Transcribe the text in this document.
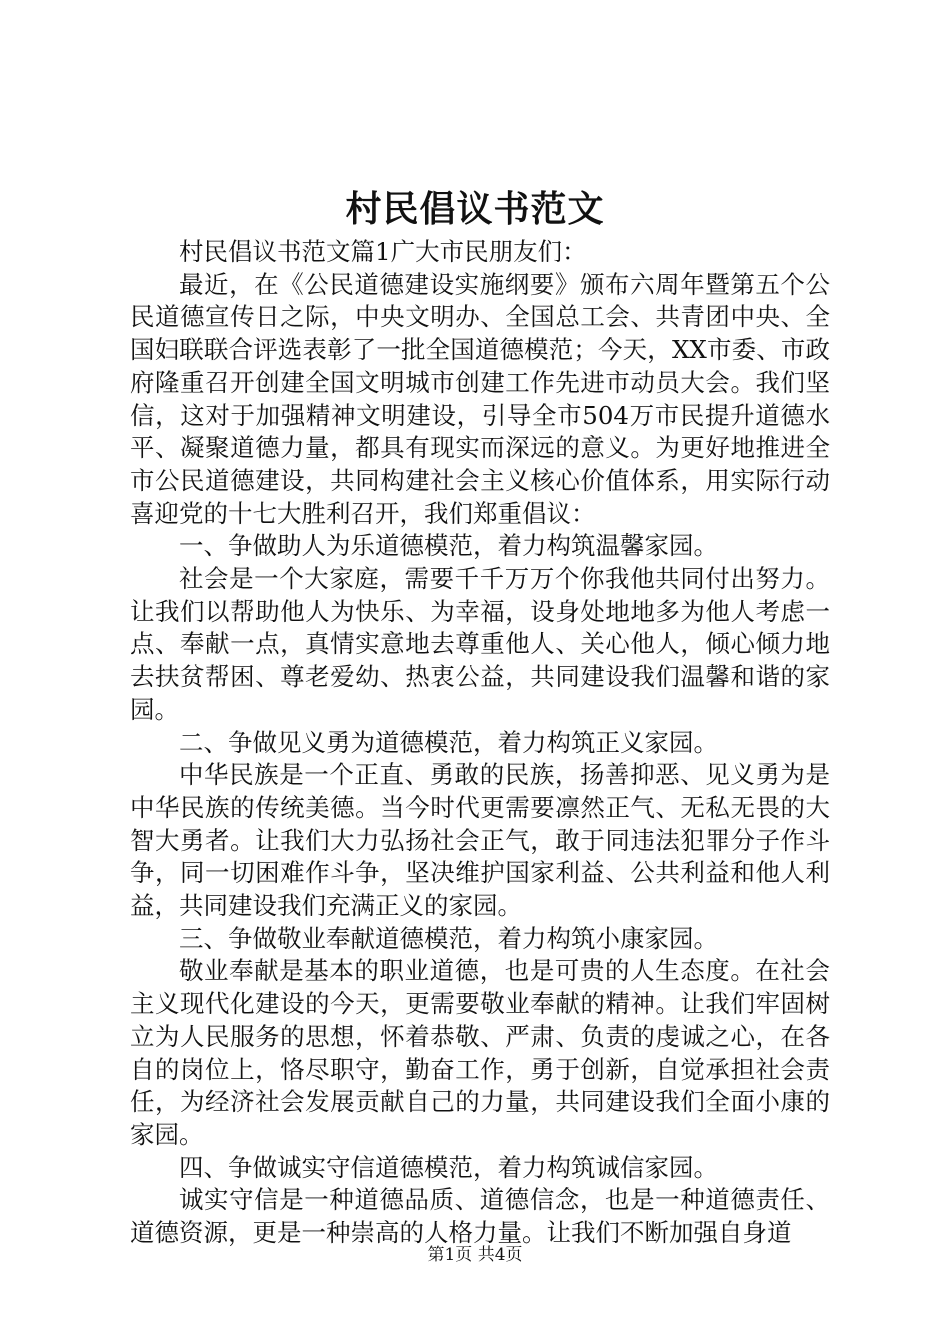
村民倡议书范文

村民倡议书范文篇1广大市民朋友们：

最近，在《公民道德建设实施纲要》颁布六周年暨第五个公民道德宣传日之际，中央文明办、全国总工会、共青团中央、全国妇联联合评选表彰了一批全国道德模范；今天，XX市委、市政府隆重召开创建全国文明城市创建工作先进市动员大会。我们坚信，这对于加强精神文明建设，引导全市504万市民提升道德水平、凝聚道德力量，都具有现实而深远的意义。为更好地推进全市公民道德建设，共同构建社会主义核心价值体系，用实际行动喜迎党的十七大胜利召开，我们郑重倡议：

一、争做助人为乐道德模范，着力构筑温馨家园。

社会是一个大家庭，需要千千万万个你我他共同付出努力。让我们以帮助他人为快乐、为幸福，设身处地地多为他人考虑一点、奉献一点，真情实意地去尊重他人、关心他人，倾心倾力地去扶贫帮困、尊老爱幼、热衷公益，共同建设我们温馨和谐的家园。

二、争做见义勇为道德模范，着力构筑正义家园。

中华民族是一个正直、勇敢的民族，扬善抑恶、见义勇为是中华民族的传统美德。当今时代更需要凛然正气、无私无畏的大智大勇者。让我们大力弘扬社会正气，敢于同违法犯罪分子作斗争，同一切困难作斗争，坚决维护国家利益、公共利益和他人利益，共同建设我们充满正义的家园。

三、争做敬业奉献道德模范，着力构筑小康家园。

敬业奉献是基本的职业道德，也是可贵的人生态度。在社会主义现代化建设的今天，更需要敬业奉献的精神。让我们牢固树立为人民服务的思想，怀着恭敬、严肃、负责的虔诚之心，在各自的岗位上，恪尽职守，勤奋工作，勇于创新，自觉承担社会责任，为经济社会发展贡献自己的力量，共同建设我们全面小康的家园。

四、争做诚实守信道德模范，着力构筑诚信家园。

诚实守信是一种道德品质、道德信念，也是一种道德责任、道德资源，更是一种崇高的人格力量。让我们不断加强自身道

第1页 共4页
